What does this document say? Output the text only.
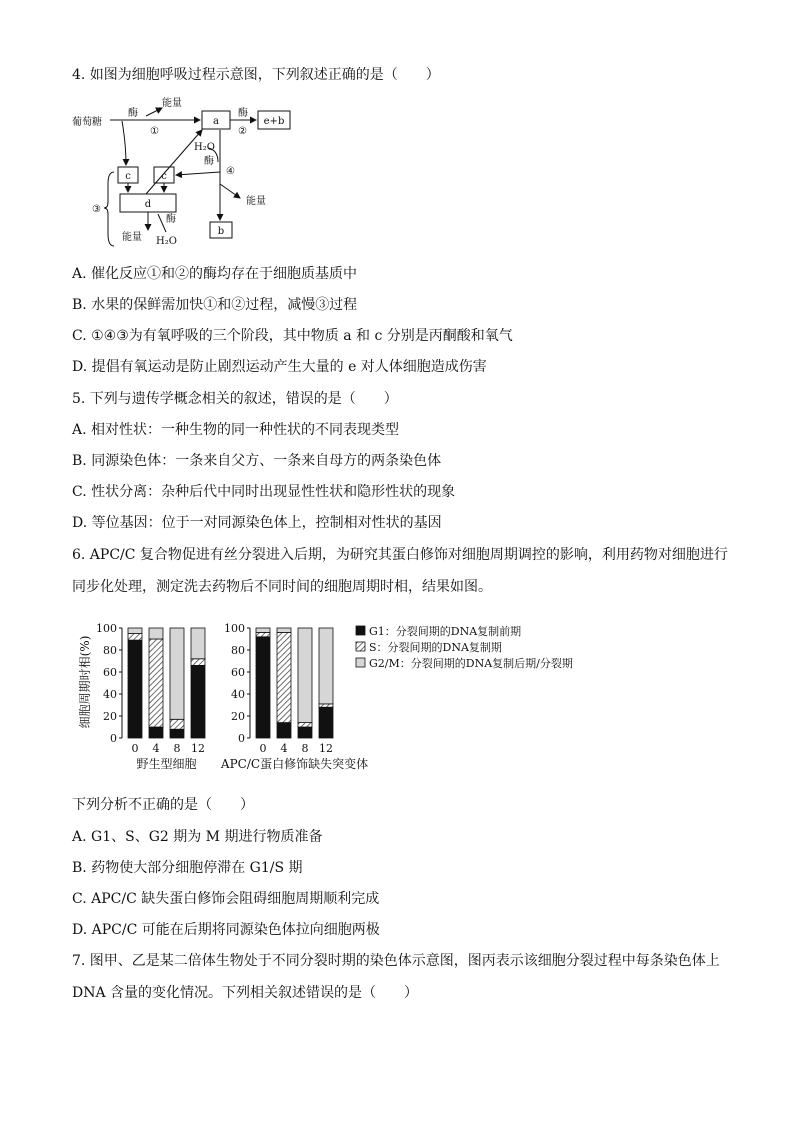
4. 如图为细胞呼吸过程示意图，下列叙述正确的是（　　）
葡萄糖
酶
能量
①
酶
②
H₂O
酶
④
能量
③
酶
能量 H₂O
a	e+b
c	c
d
b
A. 催化反应①和②的酶均存在于细胞质基质中
B. 水果的保鲜需加快①和②过程，减慢③过程
C. ①④③为有氧呼吸的三个阶段，其中物质 a 和 c 分别是丙酮酸和氧气
D. 提倡有氧运动是防止剧烈运动产生大量的 e 对人体细胞造成伤害
5. 下列与遗传学概念相关的叙述，错误的是（　　）
A. 相对性状：一种生物的同一种性状的不同表现类型
B. 同源染色体：一条来自父方、一条来自母方的两条染色体
C. 性状分离：杂种后代中同时出现显性性状和隐形性状的现象
D. 等位基因：位于一对同源染色体上，控制相对性状的基因
6. APC/C 复合物促进有丝分裂进入后期，为研究其蛋白修饰对细胞周期调控的影响，利用药物对细胞进行
同步化处理，测定洗去药物后不同时间的细胞周期时相，结果如图。
细胞周期时相(%)
0
20
40
60
80
100
0 4 8 12
野生型细胞
0
20
40
60
80
100
0 4 8 12
APC/C蛋白修饰缺失突变体
G1：分裂间期的DNA复制前期
S：分裂间期的DNA复制期
G2/M：分裂间期的DNA复制后期/分裂期
下列分析不正确的是（　　）
A. G1、S、G2 期为 M 期进行物质准备
B. 药物使大部分细胞停滞在 G1/S 期
C. APC/C 缺失蛋白修饰会阻碍细胞周期顺利完成
D. APC/C 可能在后期将同源染色体拉向细胞两极
7. 图甲、乙是某二倍体生物处于不同分裂时期的染色体示意图，图丙表示该细胞分裂过程中每条染色体上
DNA 含量的变化情况。下列相关叙述错误的是（　　）
